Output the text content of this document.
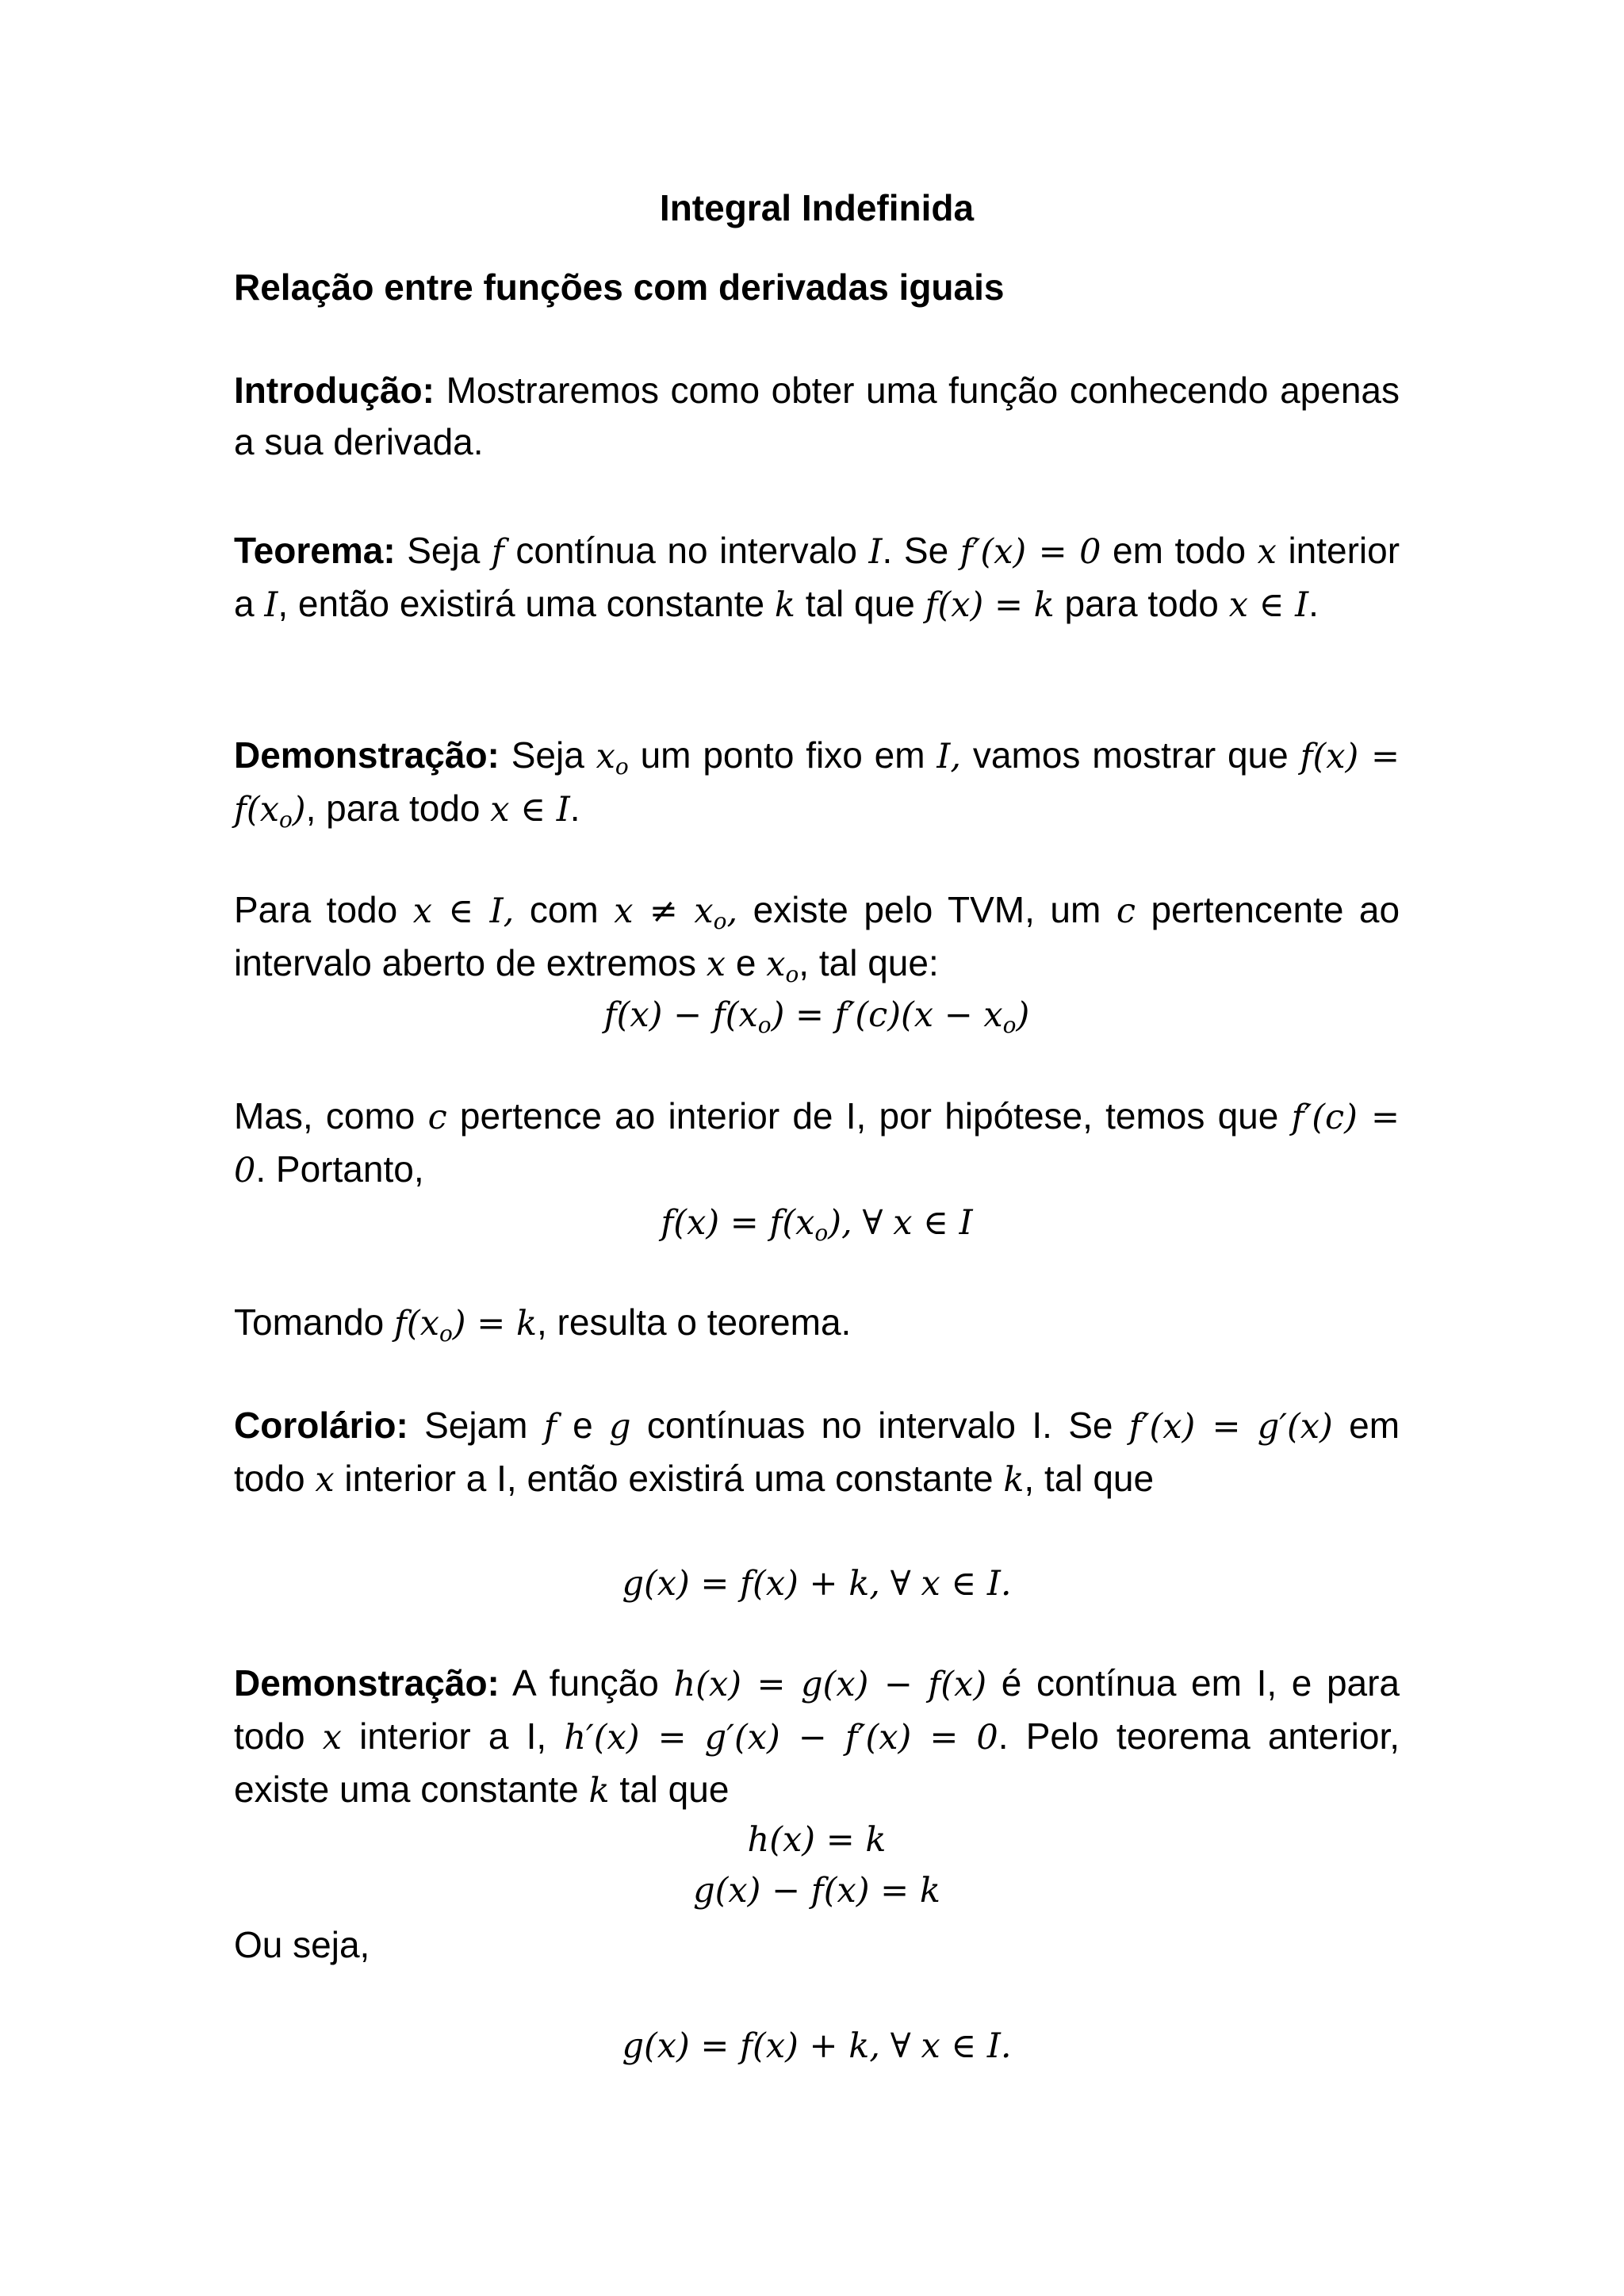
Integral Indefinida
Relação entre funções com derivadas iguais
Introdução: Mostraremos como obter uma função conhecendo apenas a sua derivada.
Teorema: Seja f contínua no intervalo I. Se f′(x) = 0 em todo x interior a I, então existirá uma constante k tal que f(x) = k para todo x ∈ I.
Demonstração: Seja $x_o$ um ponto fixo em I, vamos mostrar que $f(x) = f(x_o)$, para todo x ∈ I.
Para todo x ∈ I, com $x \ne x_o$, existe pelo TVM, um c pertencente ao intervalo aberto de extremos x e $x_o$, tal que:
$f(x) - f(x_o) = f'(c)(x - x_o)$
Mas, como c pertence ao interior de I, por hipótese, temos que f′(c) = 0. Portanto,
$f(x) = f(x_o)$, ∀ x ∈ I
Tomando $f(x_o) = k$, resulta o teorema.
Corolário: Sejam f e g contínuas no intervalo I. Se f′(x) = g′(x) em todo x interior a I, então existirá uma constante k, tal que
g(x) = f(x) + k, ∀ x ∈ I.
Demonstração: A função h(x) = g(x) − f(x) é contínua em I, e para todo x interior a I, h′(x) = g′(x) − f′(x) = 0. Pelo teorema anterior, existe uma constante k tal que
h(x) = k
g(x) − f(x) = k
Ou seja,
g(x) = f(x) + k, ∀ x ∈ I.
